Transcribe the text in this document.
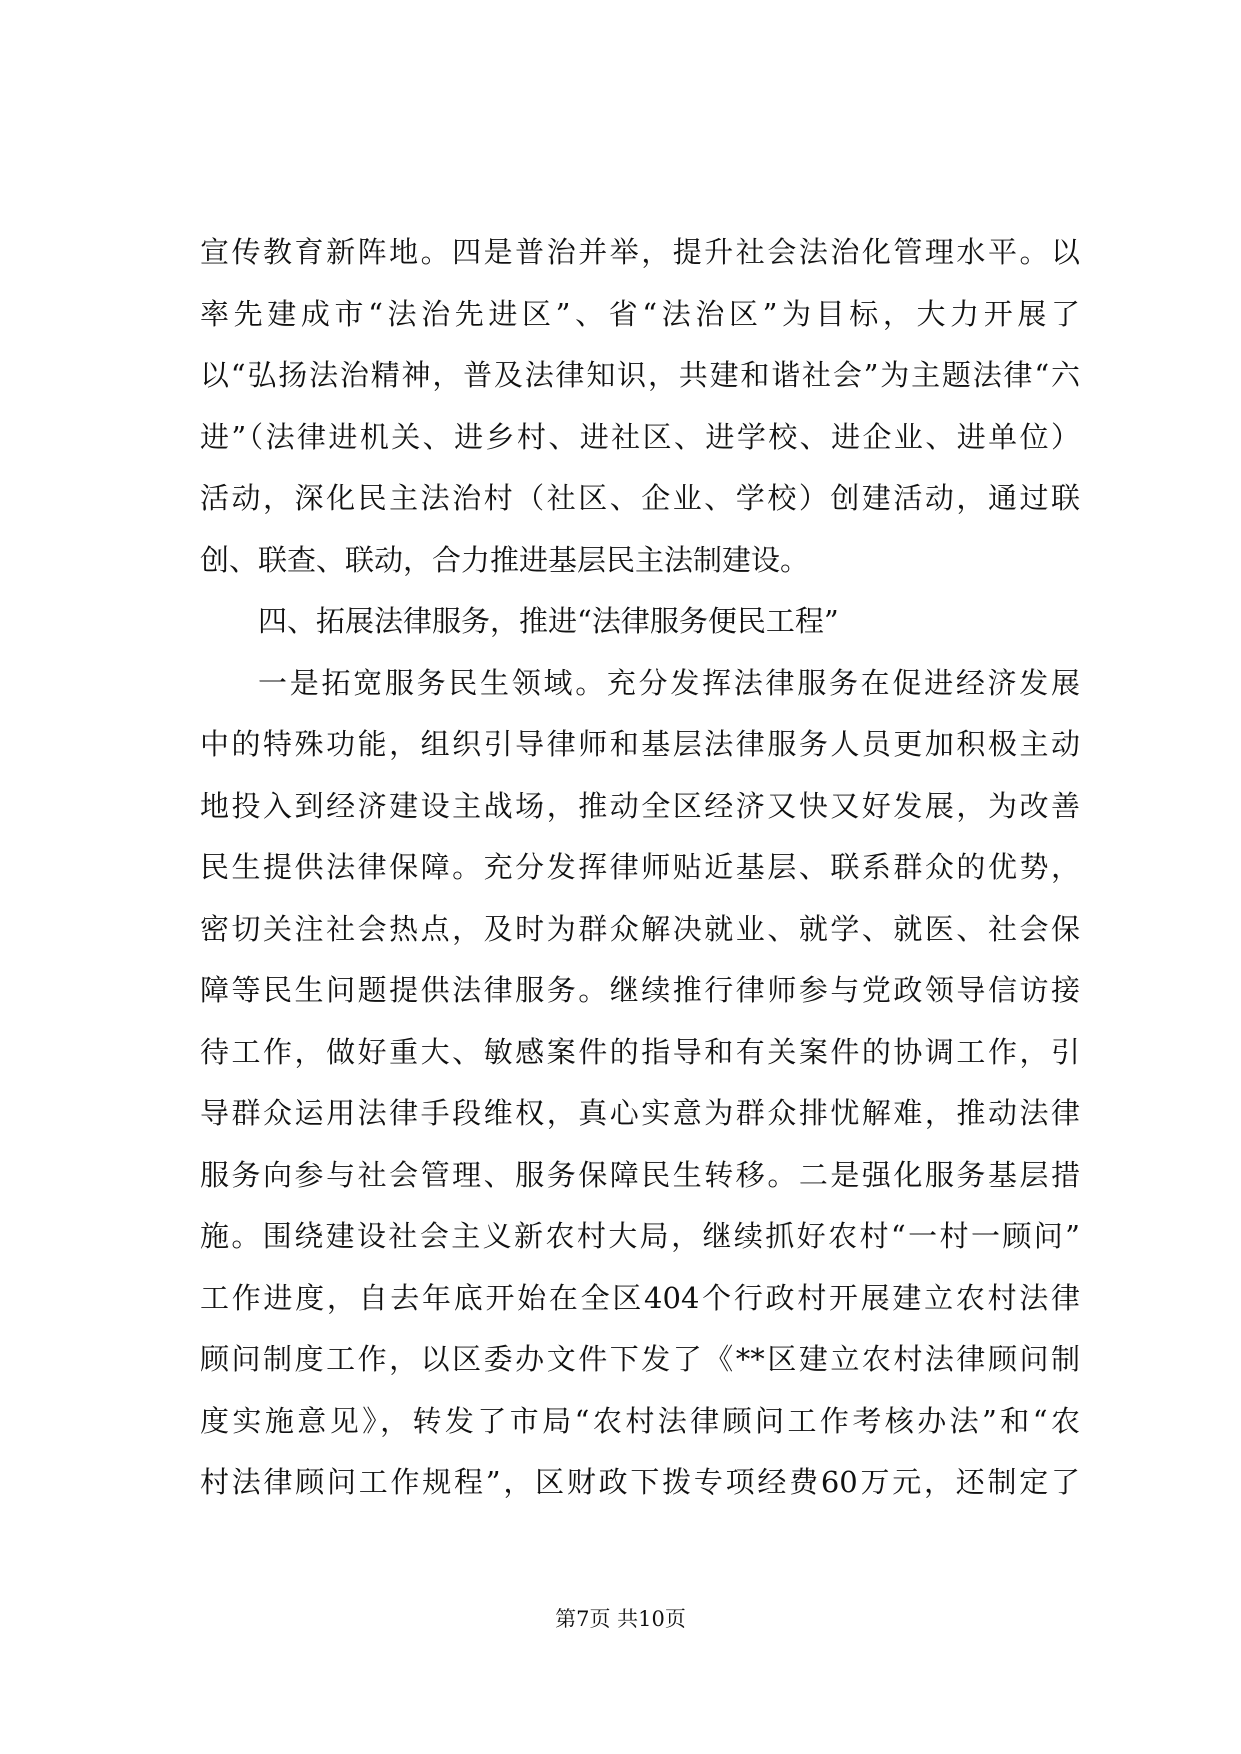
宣传教育新阵地。四是普治并举，提升社会法治化管理水平。以
率先建成市“法治先进区”、省“法治区”为目标，大力开展了
以“弘扬法治精神，普及法律知识，共建和谐社会”为主题法律“六
进”（法律进机关、进乡村、进社区、进学校、进企业、进单位）
活动，深化民主法治村（社区、企业、学校）创建活动，通过联
创、联查、联动，合力推进基层民主法制建设。
四、拓展法律服务，推进“法律服务便民工程”
一是拓宽服务民生领域。充分发挥法律服务在促进经济发展
中的特殊功能，组织引导律师和基层法律服务人员更加积极主动
地投入到经济建设主战场，推动全区经济又快又好发展，为改善
民生提供法律保障。充分发挥律师贴近基层、联系群众的优势，
密切关注社会热点，及时为群众解决就业、就学、就医、社会保
障等民生问题提供法律服务。继续推行律师参与党政领导信访接
待工作，做好重大、敏感案件的指导和有关案件的协调工作，引
导群众运用法律手段维权，真心实意为群众排忧解难，推动法律
服务向参与社会管理、服务保障民生转移。二是强化服务基层措
施。围绕建设社会主义新农村大局，继续抓好农村“一村一顾问”
工作进度，自去年底开始在全区404个行政村开展建立农村法律
顾问制度工作，以区委办文件下发了《**区建立农村法律顾问制
度实施意见》，转发了市局“农村法律顾问工作考核办法”和“农
村法律顾问工作规程”，区财政下拨专项经费60万元，还制定了
第7页 共10页
